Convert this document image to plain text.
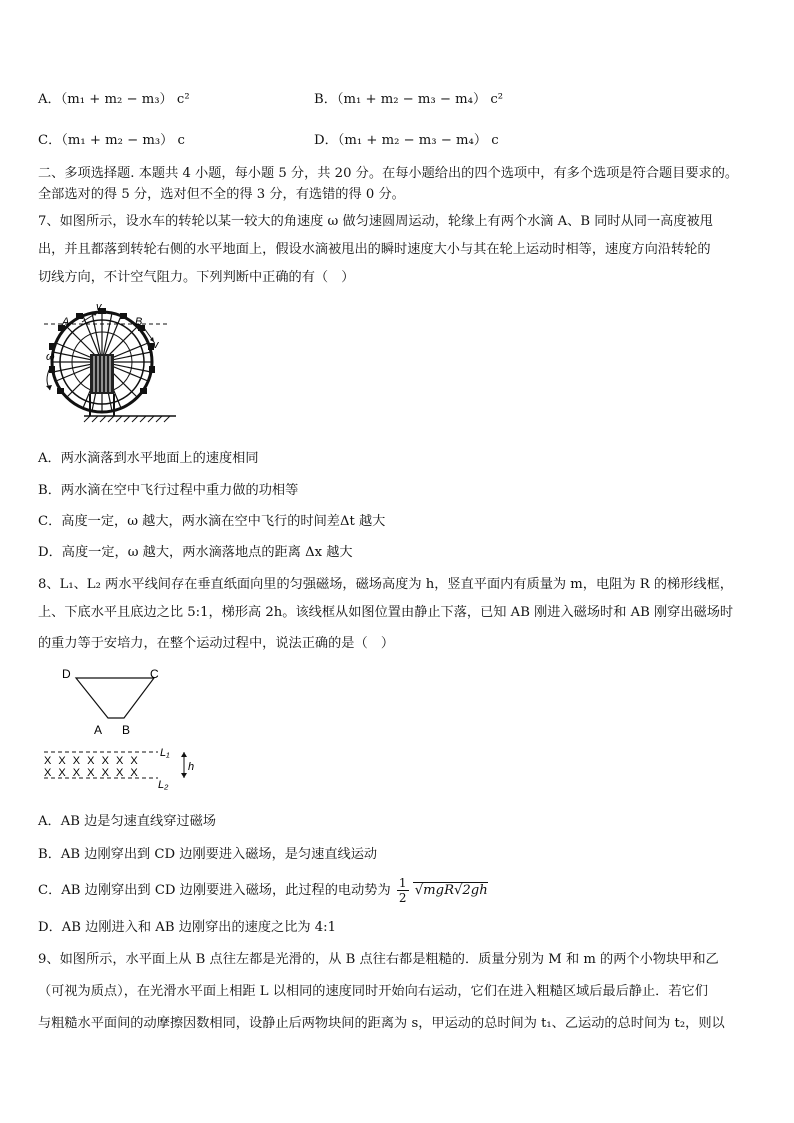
A．（m₁ + m₂ − m₃） c²	B．（m₁ + m₂ − m₃ − m₄） c²
C．（m₁ + m₂ − m₃） c	D．（m₁ + m₂ − m₃ − m₄） c
二、多项选择题. 本题共 4 小题，每小题 5 分，共 20 分。在每小题给出的四个选项中，有多个选项是符合题目要求的。
全部选对的得 5 分，选对但不全的得 3 分，有选错的得 0 分。
7、如图所示，设水车的转轮以某一较大的角速度 ω 做匀速圆周运动，轮缘上有两个水滴 A、B 同时从同一高度被甩
出，并且都落到转轮右侧的水平地面上，假设水滴被甩出的瞬时速度大小与其在轮上运动时相等，速度方向沿转轮的
切线方向，不计空气阻力。下列判断中正确的有（　）
A	B
v
v
ω
A．两水滴落到水平地面上的速度相同
B．两水滴在空中飞行过程中重力做的功相等
C．高度一定，ω 越大，两水滴在空中飞行的时间差Δt 越大
D．高度一定，ω 越大，两水滴落地点的距离 Δx 越大
8、L₁、L₂ 两水平线间存在垂直纸面向里的匀强磁场，磁场高度为 h，竖直平面内有质量为 m，电阻为 R 的梯形线框，
上、下底水平且底边之比 5:1，梯形高 2h。该线框从如图位置由静止下落，已知 AB 刚进入磁场时和 AB 刚穿出磁场时
的重力等于安培力，在整个运动过程中，说法正确的是（　）
D	C
A B
X X X X X X X
X X X X X X X
L₁
L₂
h
A．AB 边是匀速直线穿过磁场
B．AB 边刚穿出到 CD 边刚要进入磁场，是匀速直线运动
C．AB 边刚穿出到 CD 边刚要进入磁场，此过程的电动势为 $\frac{1}{2} √mgR√2gh$
D．AB 边刚进入和 AB 边刚穿出的速度之比为 4:1
9、如图所示，水平面上从 B 点往左都是光滑的，从 B 点往右都是粗糙的．质量分别为 M 和 m 的两个小物块甲和乙
（可视为质点），在光滑水平面上相距 L 以相同的速度同时开始向右运动，它们在进入粗糙区域后最后静止．若它们
与粗糙水平面间的动摩擦因数相同，设静止后两物块间的距离为 s，甲运动的总时间为 t₁、乙运动的总时间为 t₂，则以
